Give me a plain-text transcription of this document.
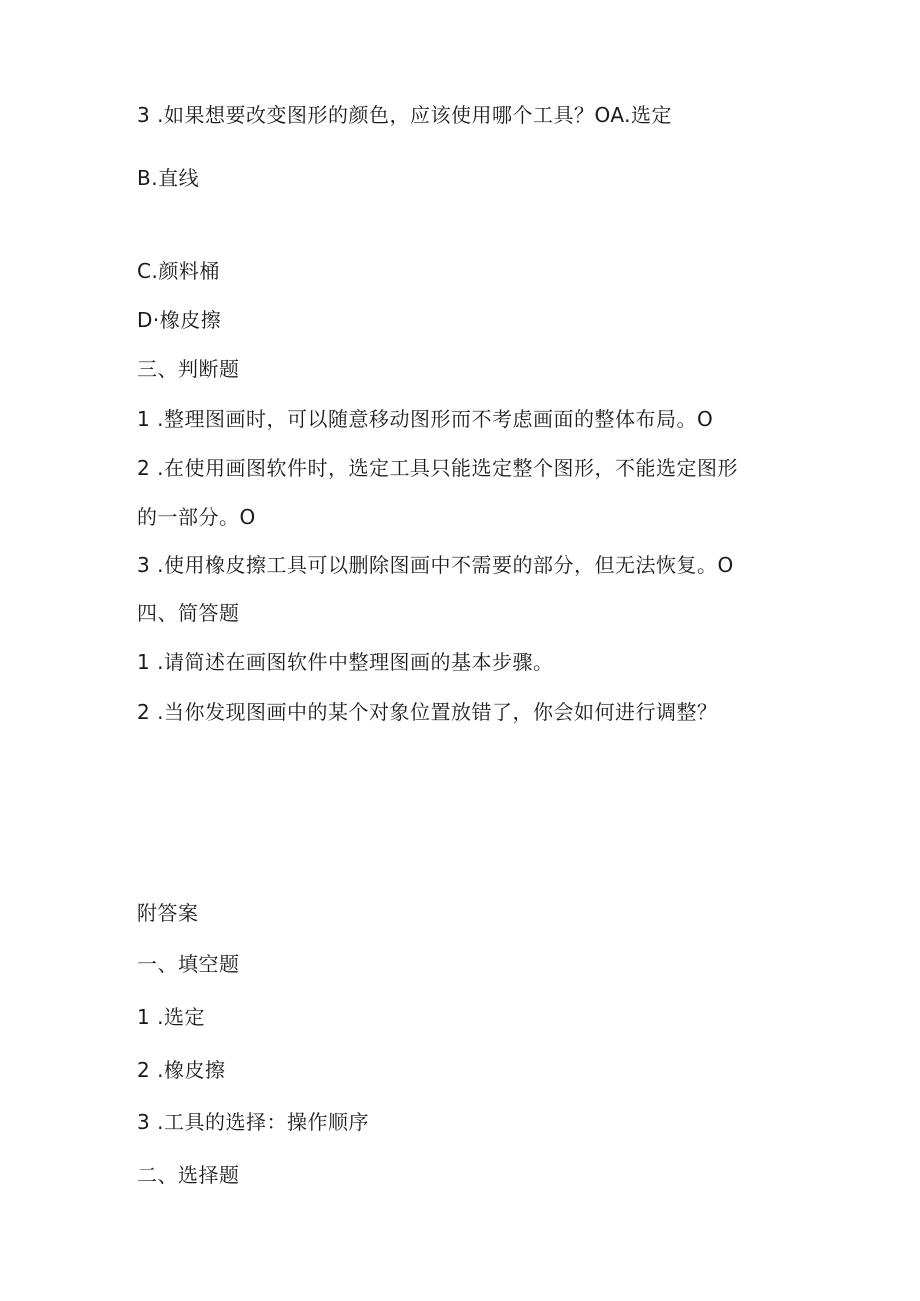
3 .如果想要改变图形的颜色，应该使用哪个工具？OA.选定
B.直线
C.颜料桶
D·橡皮擦
三、判断题
1 .整理图画时，可以随意移动图形而不考虑画面的整体布局。O
2 .在使用画图软件时，选定工具只能选定整个图形，不能选定图形
的一部分。O
3 .使用橡皮擦工具可以删除图画中不需要的部分，但无法恢复。O
四、简答题
1 .请简述在画图软件中整理图画的基本步骤。
2 .当你发现图画中的某个对象位置放错了，你会如何进行调整？
附答案
一、填空题
1 .选定
2 .橡皮擦
3 .工具的选择：操作顺序
二、选择题
